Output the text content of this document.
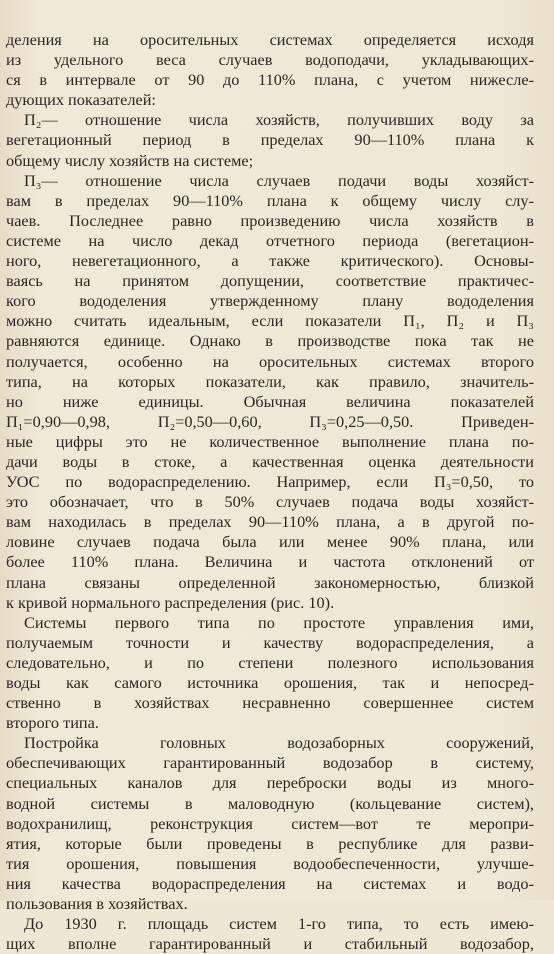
деления на оросительных системах определяется исходя
из удельного веса случаев водоподачи, укладывающих-
ся в интервале от 90 до 110% плана, с учетом нижесле-
дующих показателей:
П₂— отношение числа хозяйств, получивших воду за
вегетационный период в пределах 90—110% плана к
общему числу хозяйств на системе;
П₃— отношение числа случаев подачи воды хозяйст-
вам в пределах 90—110% плана к общему числу слу-
чаев. Последнее равно произведению числа хозяйств в
системе на число декад отчетного периода (вегетацион-
ного, невегетационного, а также критического). Основы-
ваясь на принятом допущении, соответствие практичес-
кого вододеления утвержденному плану вододеления
можно считать идеальным, если показатели П₁, П₂ и П₃
равняются единице. Однако в производстве пока так не
получается, особенно на оросительных системах второго
типа, на которых показатели, как правило, значитель-
но ниже единицы. Обычная величина показателей
П₁=0,90—0,98, П₂=0,50—0,60, П₃=0,25—0,50. Приведен-
ные цифры это не количественное выполнение плана по-
дачи воды в стоке, а качественная оценка деятельности
УОС по водораспределению. Например, если П₃=0,50, то
это обозначает, что в 50% случаев подача воды хозяйст-
вам находилась в пределах 90—110% плана, а в другой по-
ловине случаев подача была или менее 90% плана, или
более 110% плана. Величина и частота отклонений от
плана связаны определенной закономерностью, близкой
к кривой нормального распределения (рис. 10).
Системы первого типа по простоте управления ими,
получаемым точности и качеству водораспределения, а
следовательно, и по степени полезного использования
воды как самого источника орошения, так и непосред-
ственно в хозяйствах несравненно совершеннее систем
второго типа.
Постройка головных водозаборных сооружений,
обеспечивающих гарантированный водозабор в систему,
специальных каналов для переброски воды из много-
водной системы в маловодную (кольцевание систем),
водохранилищ, реконструкция систем—вот те меропри-
ятия, которые были проведены в республике для разви-
тия орошения, повышения водообеспеченности, улучше-
ния качества водораспределения на системах и водо-
пользования в хозяйствах.
До 1930 г. площадь систем 1-го типа, то есть имею-
щих вполне гарантированный и стабильный водозабор,
